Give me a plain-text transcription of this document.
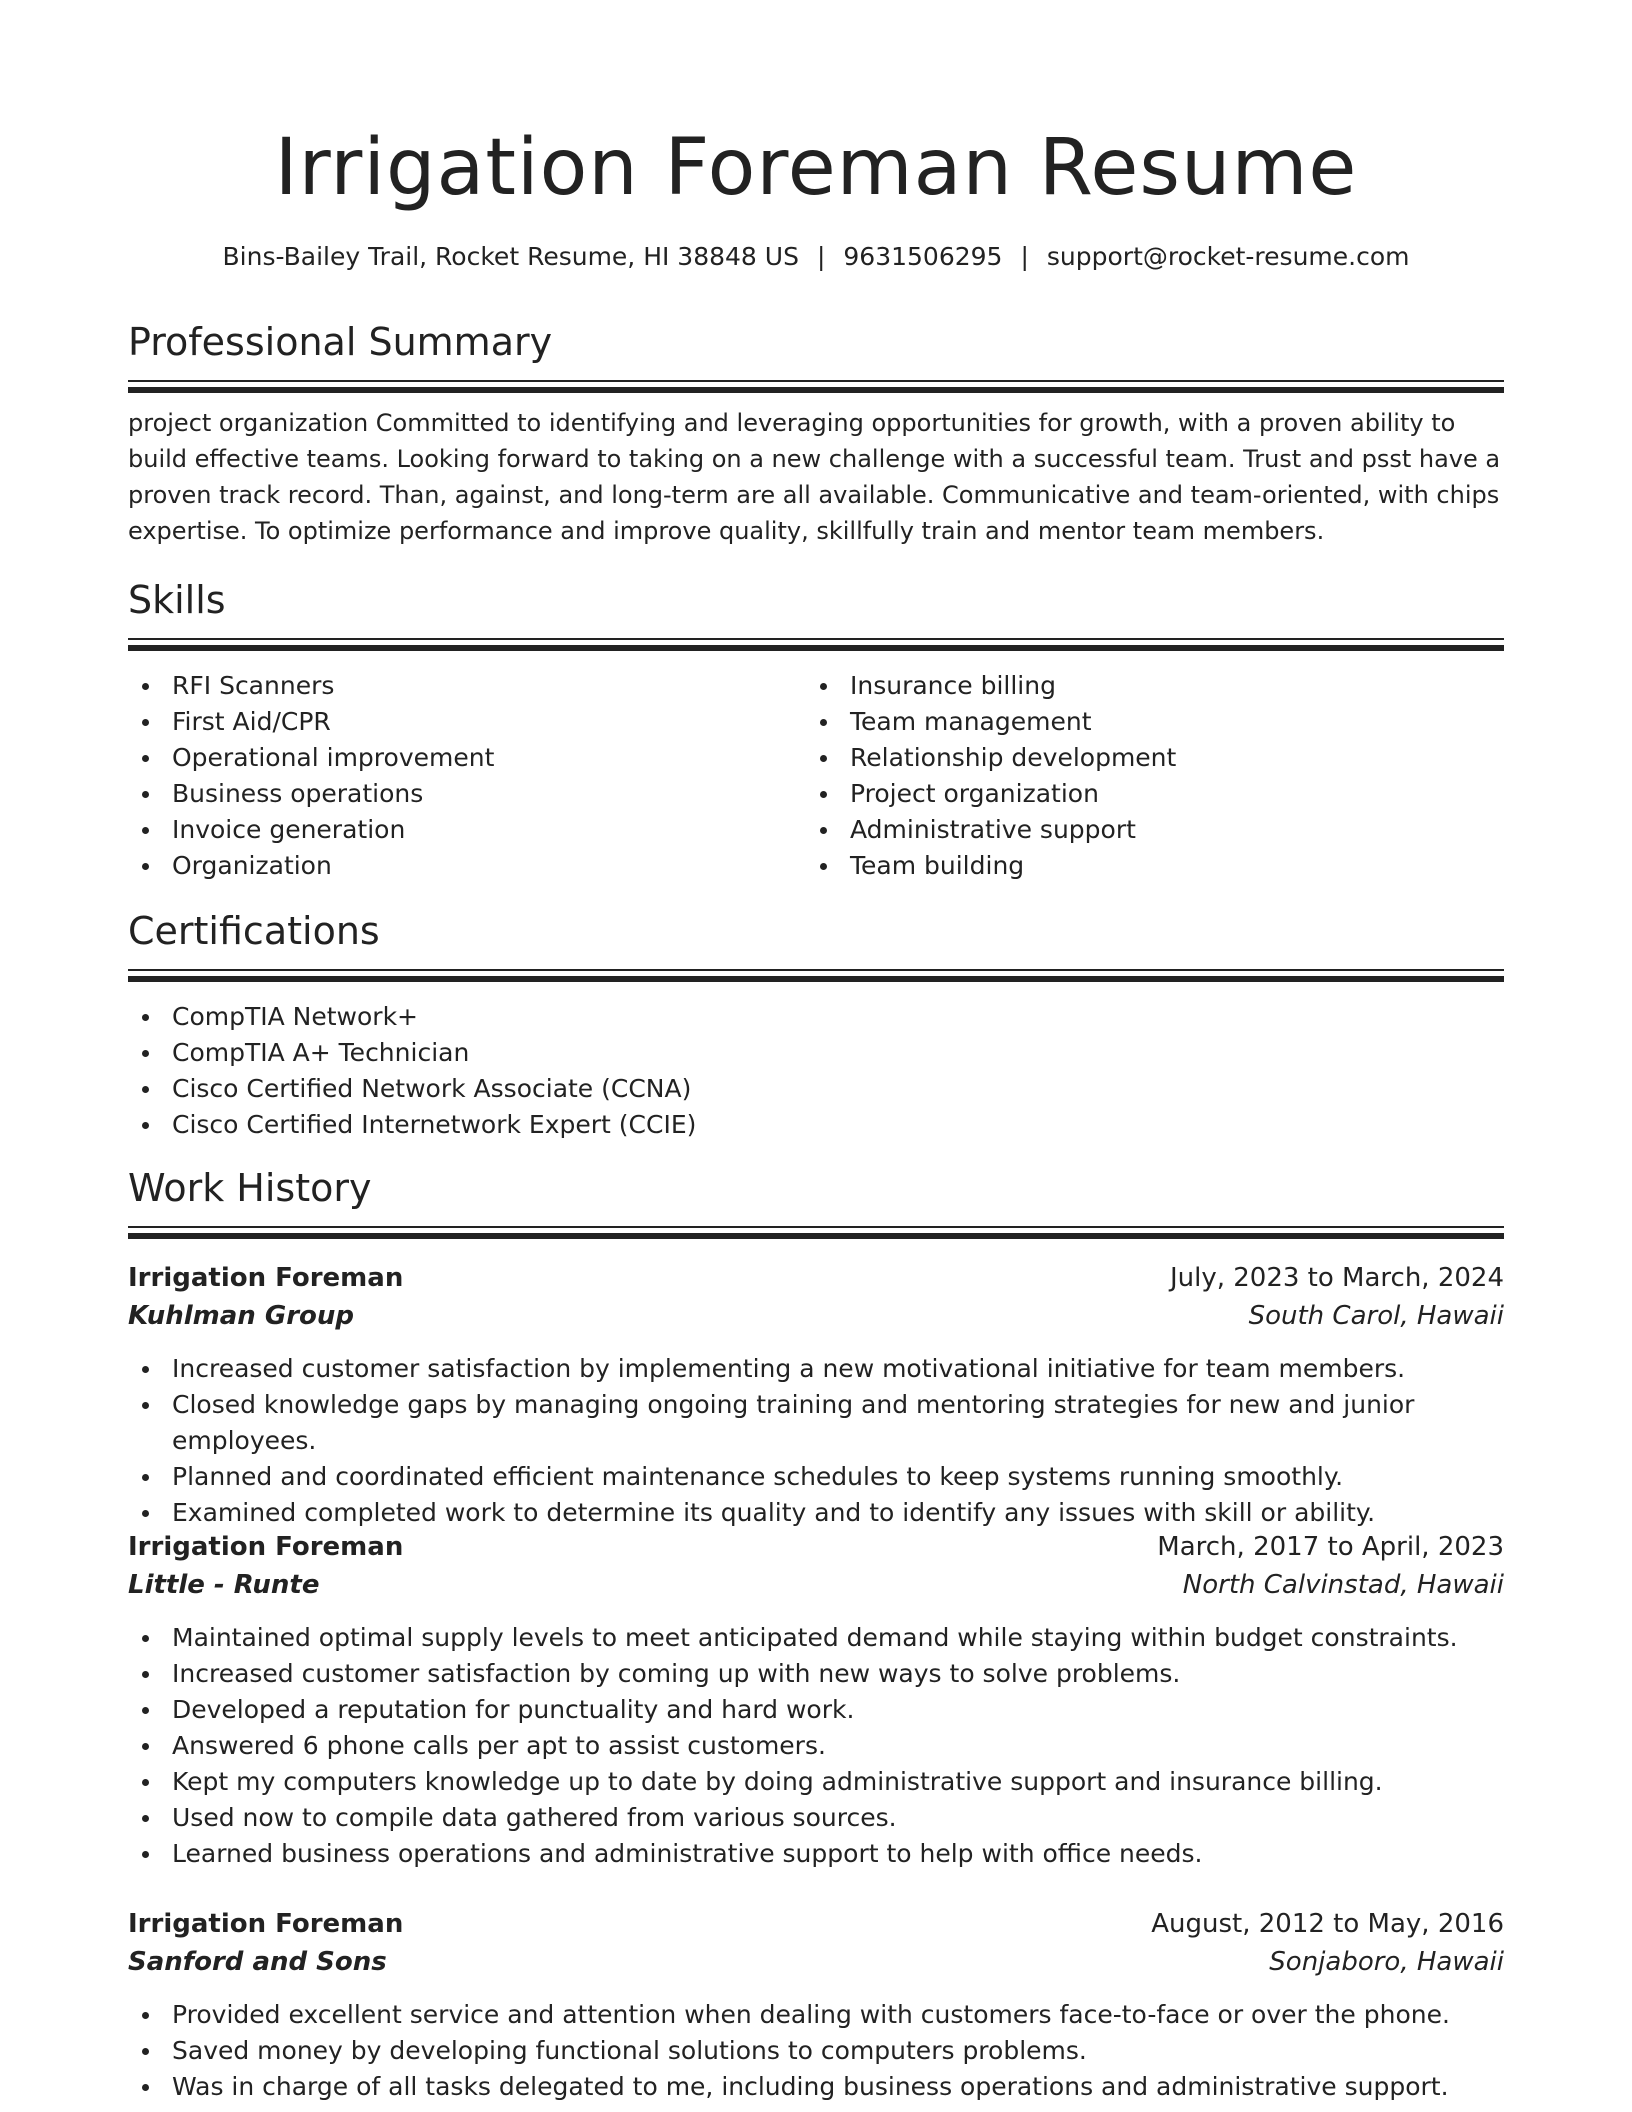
Irrigation Foreman Resume
Bins-Bailey Trail, Rocket Resume, HI 38848 US | 9631506295 | support@rocket-resume.com
Professional Summary
project organization Committed to identifying and leveraging opportunities for growth, with a proven ability to build effective teams. Looking forward to taking on a new challenge with a successful team. Trust and psst have a proven track record. Than, against, and long-term are all available. Communicative and team-oriented, with chips expertise. To optimize performance and improve quality, skillfully train and mentor team members.
Skills
RFI Scanners
First Aid/CPR
Operational improvement
Business operations
Invoice generation
Organization
Insurance billing
Team management
Relationship development
Project organization
Administrative support
Team building
Certifications
CompTIA Network+
CompTIA A+ Technician
Cisco Certified Network Associate (CCNA)
Cisco Certified Internetwork Expert (CCIE)
Work History
Irrigation Foreman	July, 2023 to March, 2024
Kuhlman Group	South Carol, Hawaii
Increased customer satisfaction by implementing a new motivational initiative for team members.
Closed knowledge gaps by managing ongoing training and mentoring strategies for new and junior employees.
Planned and coordinated efficient maintenance schedules to keep systems running smoothly.
Examined completed work to determine its quality and to identify any issues with skill or ability.
Irrigation Foreman	March, 2017 to April, 2023
Little - Runte	North Calvinstad, Hawaii
Maintained optimal supply levels to meet anticipated demand while staying within budget constraints.
Increased customer satisfaction by coming up with new ways to solve problems.
Developed a reputation for punctuality and hard work.
Answered 6 phone calls per apt to assist customers.
Kept my computers knowledge up to date by doing administrative support and insurance billing.
Used now to compile data gathered from various sources.
Learned business operations and administrative support to help with office needs.
Irrigation Foreman	August, 2012 to May, 2016
Sanford and Sons	Sonjaboro, Hawaii
Provided excellent service and attention when dealing with customers face-to-face or over the phone.
Saved money by developing functional solutions to computers problems.
Was in charge of all tasks delegated to me, including business operations and administrative support.
